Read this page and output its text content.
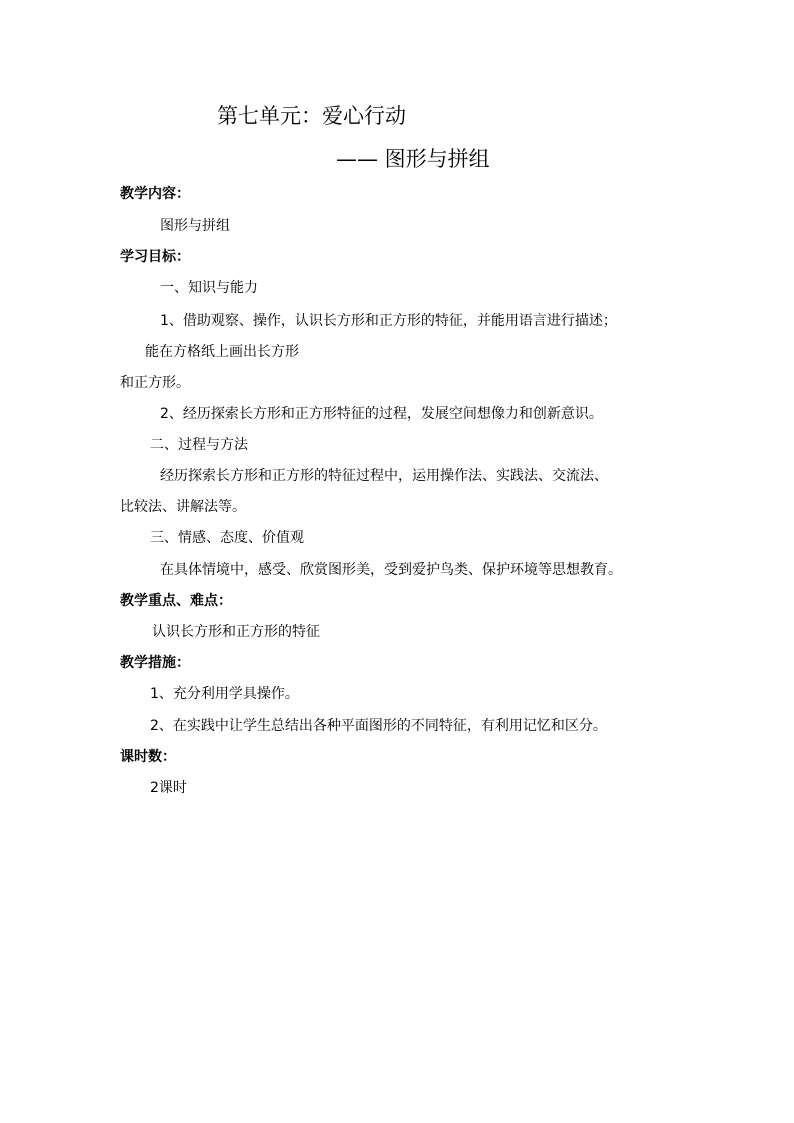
第七单元：爱心行动
—— 图形与拼组
教学内容：
图形与拼组
学习目标：
一、知识与能力
1、借助观察、操作，认识长方形和正方形的特征，并能用语言进行描述；
能在方格纸上画出长方形
和正方形。
2、经历探索长方形和正方形特征的过程，发展空间想像力和创新意识。
二、过程与方法
经历探索长方形和正方形的特征过程中，运用操作法、实践法、交流法、
比较法、讲解法等。
三、情感、态度、价值观
在具体情境中，感受、欣赏图形美，受到爱护鸟类、保护环境等思想教育。
教学重点、难点：
认识长方形和正方形的特征
教学措施：
1、充分利用学具操作。
2、在实践中让学生总结出各种平面图形的不同特征，有利用记忆和区分。
课时数：
2课时
